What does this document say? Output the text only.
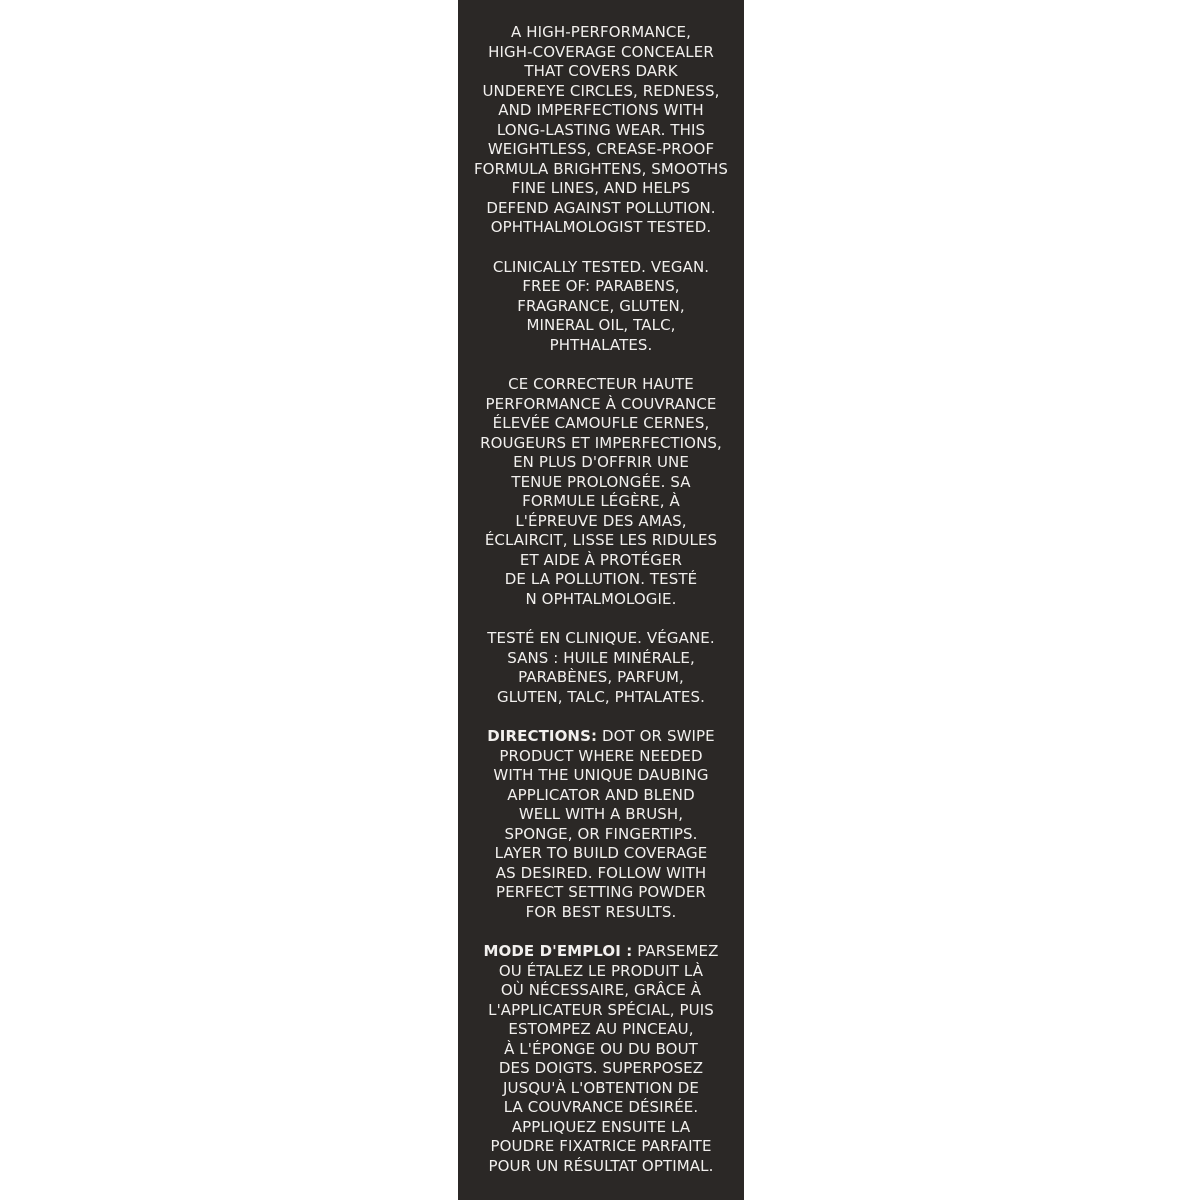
A HIGH-PERFORMANCE,
HIGH-COVERAGE CONCEALER
THAT COVERS DARK
UNDEREYE CIRCLES, REDNESS,
AND IMPERFECTIONS WITH
LONG-LASTING WEAR. THIS
WEIGHTLESS, CREASE-PROOF
FORMULA BRIGHTENS, SMOOTHS
FINE LINES, AND HELPS
DEFEND AGAINST POLLUTION.
OPHTHALMOLOGIST TESTED.

CLINICALLY TESTED. VEGAN.
FREE OF: PARABENS,
FRAGRANCE, GLUTEN,
MINERAL OIL, TALC,
PHTHALATES.

CE CORRECTEUR HAUTE
PERFORMANCE À COUVRANCE
ÉLEVÉE CAMOUFLE CERNES,
ROUGEURS ET IMPERFECTIONS,
EN PLUS D'OFFRIR UNE
TENUE PROLONGÉE. SA
FORMULE LÉGÈRE, À
L'ÉPREUVE DES AMAS,
ÉCLAIRCIT, LISSE LES RIDULES
ET AIDE À PROTÉGER
DE LA POLLUTION. TESTÉ
N OPHTALMOLOGIE.

TESTÉ EN CLINIQUE. VÉGANE.
SANS : HUILE MINÉRALE,
PARABÈNES, PARFUM,
GLUTEN, TALC, PHTALATES.

DIRECTIONS: DOT OR SWIPE
PRODUCT WHERE NEEDED
WITH THE UNIQUE DAUBING
APPLICATOR AND BLEND
WELL WITH A BRUSH,
SPONGE, OR FINGERTIPS.
LAYER TO BUILD COVERAGE
AS DESIRED. FOLLOW WITH
PERFECT SETTING POWDER
FOR BEST RESULTS.

MODE D'EMPLOI : PARSEMEZ
OU ÉTALEZ LE PRODUIT LÀ
OÙ NÉCESSAIRE, GRÂCE À
L'APPLICATEUR SPÉCIAL, PUIS
ESTOMPEZ AU PINCEAU,
À L'ÉPONGE OU DU BOUT
DES DOIGTS. SUPERPOSEZ
JUSQU'À L'OBTENTION DE
LA COUVRANCE DÉSIRÉE.
APPLIQUEZ ENSUITE LA
POUDRE FIXATRICE PARFAITE
POUR UN RÉSULTAT OPTIMAL.
